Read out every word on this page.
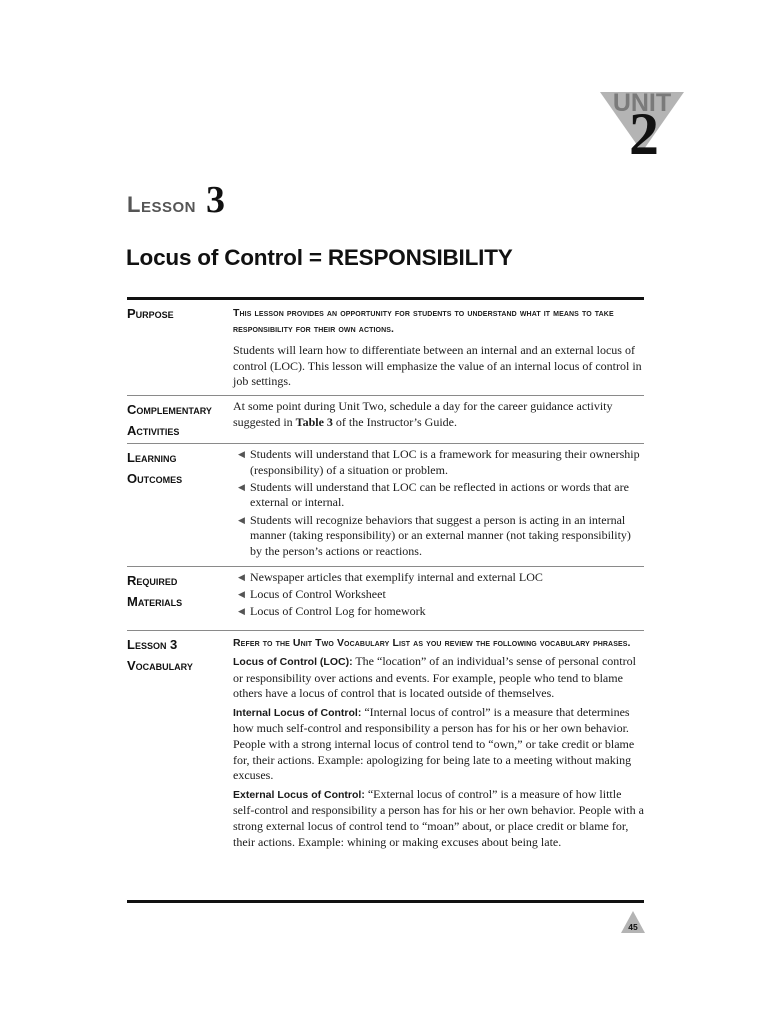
UNIT
2
Lesson 3
Locus of Control = RESPONSIBILITY
Purpose	This lesson provides an opportunity for students to understand what it means to take responsibility for their own actions.

Students will learn how to differentiate between an internal and an external locus of control (LOC). This lesson will emphasize the value of an internal locus of control in job settings.

Complementary
Activities

At some point during Unit Two, schedule a day for the career guidance activity suggested in Table 3 of the Instructor’s Guide.

Learning
Outcomes
◀ Students will understand that LOC is a framework for measuring their ownership (responsibility) of a situation or problem.
◀ Students will understand that LOC can be reflected in actions or words that are external or internal.
◀ Students will recognize behaviors that suggest a person is acting in an internal manner (taking responsibility) or an external manner (not taking responsibility) by the person’s actions or reactions.
Required
Materials
◀ Newspaper articles that exemplify internal and external LOC
◀ Locus of Control Worksheet
◀ Locus of Control Log for homework
Lesson 3
Vocabulary

Refer to the Unit Two Vocabulary List as you review the following vocabulary phrases.

Locus of Control (LOC): The “location” of an individual’s sense of personal control or responsibility over actions and events. For example, people who tend to blame others have a locus of control that is located outside of themselves.

Internal Locus of Control: “Internal locus of control” is a measure that determines how much self-control and responsibility a person has for his or her own behavior. People with a strong internal locus of control tend to “own,” or take credit or blame for, their actions. Example: apologizing for being late to a meeting without making excuses.

External Locus of Control: “External locus of control” is a measure of how little self-control and responsibility a person has for his or her own behavior. People with a strong external locus of control tend to “moan” about, or place credit or blame for, their actions. Example: whining or making excuses about being late.

45
